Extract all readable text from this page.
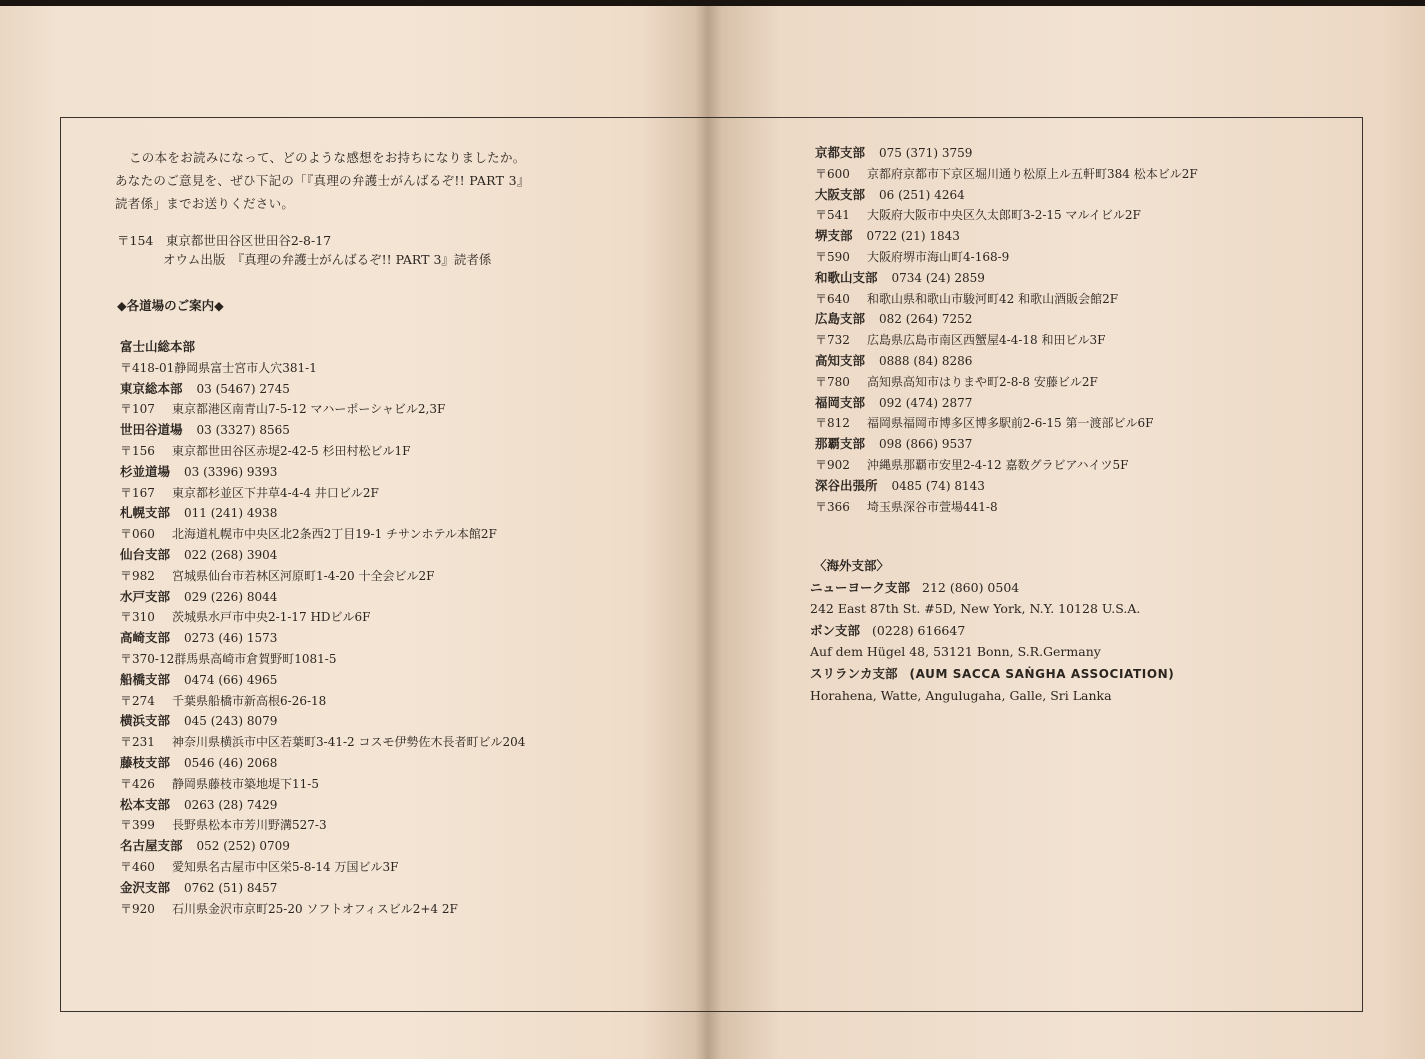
この本をお読みになって、どのような感想をお持ちになりましたか。

あなたのご意見を、ぜひ下記の「『真理の弁護士がんばるぞ!! PART 3』

読者係」までお送りください。

〒154　東京都世田谷区世田谷2-8-17
オウム出版　『真理の弁護士がんばるぞ!! PART 3』読者係
◆各道場のご案内◆
富士山総本部
〒418-01静岡県富士宮市人穴381-1
東京総本部 03 (5467) 2745
〒107 東京都港区南青山7-5-12 マハーポーシャビル2,3F
世田谷道場 03 (3327) 8565
〒156 東京都世田谷区赤堤2-42-5 杉田村松ビル1F
杉並道場 03 (3396) 9393
〒167 東京都杉並区下井草4-4-4 井口ビル2F
札幌支部 011 (241) 4938
〒060 北海道札幌市中央区北2条西2丁目19-1 チサンホテル本館2F
仙台支部 022 (268) 3904
〒982 宮城県仙台市若林区河原町1-4-20 十全会ビル2F
水戸支部 029 (226) 8044
〒310 茨城県水戸市中央2-1-17 HDビル6F
高崎支部 0273 (46) 1573
〒370-12群馬県高崎市倉賀野町1081-5
船橋支部 0474 (66) 4965
〒274 千葉県船橋市新高根6-26-18
横浜支部 045 (243) 8079
〒231 神奈川県横浜市中区若葉町3-41-2 コスモ伊勢佐木長者町ビル204
藤枝支部 0546 (46) 2068
〒426 静岡県藤枝市築地堤下11-5
松本支部 0263 (28) 7429
〒399 長野県松本市芳川野溝527-3
名古屋支部 052 (252) 0709
〒460 愛知県名古屋市中区栄5-8-14 万国ビル3F
金沢支部 0762 (51) 8457
〒920 石川県金沢市京町25-20 ソフトオフィスビル2+4 2F
京都支部 075 (371) 3759
〒600 京都府京都市下京区堀川通り松原上ル五軒町384 松本ビル2F
大阪支部 06 (251) 4264
〒541 大阪府大阪市中央区久太郎町3-2-15 マルイビル2F
堺支部 0722 (21) 1843
〒590 大阪府堺市海山町4-168-9
和歌山支部 0734 (24) 2859
〒640 和歌山県和歌山市駿河町42 和歌山酒販会館2F
広島支部 082 (264) 7252
〒732 広島県広島市南区西蟹屋4-4-18 和田ビル3F
高知支部 0888 (84) 8286
〒780 高知県高知市はりまや町2-8-8 安藤ビル2F
福岡支部 092 (474) 2877
〒812 福岡県福岡市博多区博多駅前2-6-15 第一渡部ビル6F
那覇支部 098 (866) 9537
〒902 沖縄県那覇市安里2-4-12 嘉数グラビアハイツ5F
深谷出張所 0485 (74) 8143
〒366 埼玉県深谷市萱場441-8
〈海外支部〉
ニューヨーク支部 212 (860) 0504
242 East 87th St. #5D, New York, N.Y. 10128 U.S.A.
ボン支部 (0228) 616647
Auf dem Hügel 48, 53121 Bonn, S.R.Germany
スリランカ支部 (AUM SACCA SAṄGHA ASSOCIATION)
Horahena, Watte, Angulugaha, Galle, Sri Lanka
